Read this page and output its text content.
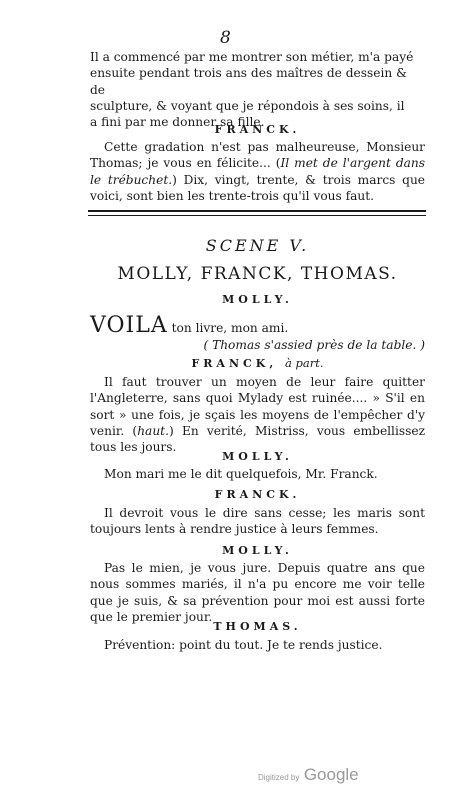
8

Il a commencé par me montrer son métier, m'a payé

ensuite pendant trois ans des maîtres de dessein & de

sculpture, & voyant que je répondois à ses soins, il

a fini par me donner sa fille.

FRANCK.

Cette gradation n'est pas malheureuse, Monsieur Thomas; je vous en félicite... (Il met de l'argent dans le trébuchet.) Dix, vingt, trente, & trois marcs que voici, sont bien les trente-trois qu'il vous faut.

SCENE V.
MOLLY, FRANCK, THOMAS.
MOLLY.

VOILA ton livre, mon ami.

( Thomas s'assied près de la table. )
FRANCK, à part.

Il faut trouver un moyen de leur faire quitter l'Angleterre, sans quoi Mylady est ruinée.... » S'il en sort » une fois, je sçais les moyens de l'empêcher d'y venir. (haut.) En verité, Mistriss, vous embellissez tous les jours.

MOLLY.

Mon mari me le dit quelquefois, Mr. Franck.

FRANCK.

Il devroit vous le dire sans cesse; les maris sont toujours lents à rendre justice à leurs femmes.

MOLLY.

Pas le mien, je vous jure. Depuis quatre ans que nous sommes mariés, il n'a pu encore me voir telle que je suis, & sa prévention pour moi est aussi forte que le premier jour.

THOMAS.

Prévention: point du tout. Je te rends justice.

Digitized by Google
